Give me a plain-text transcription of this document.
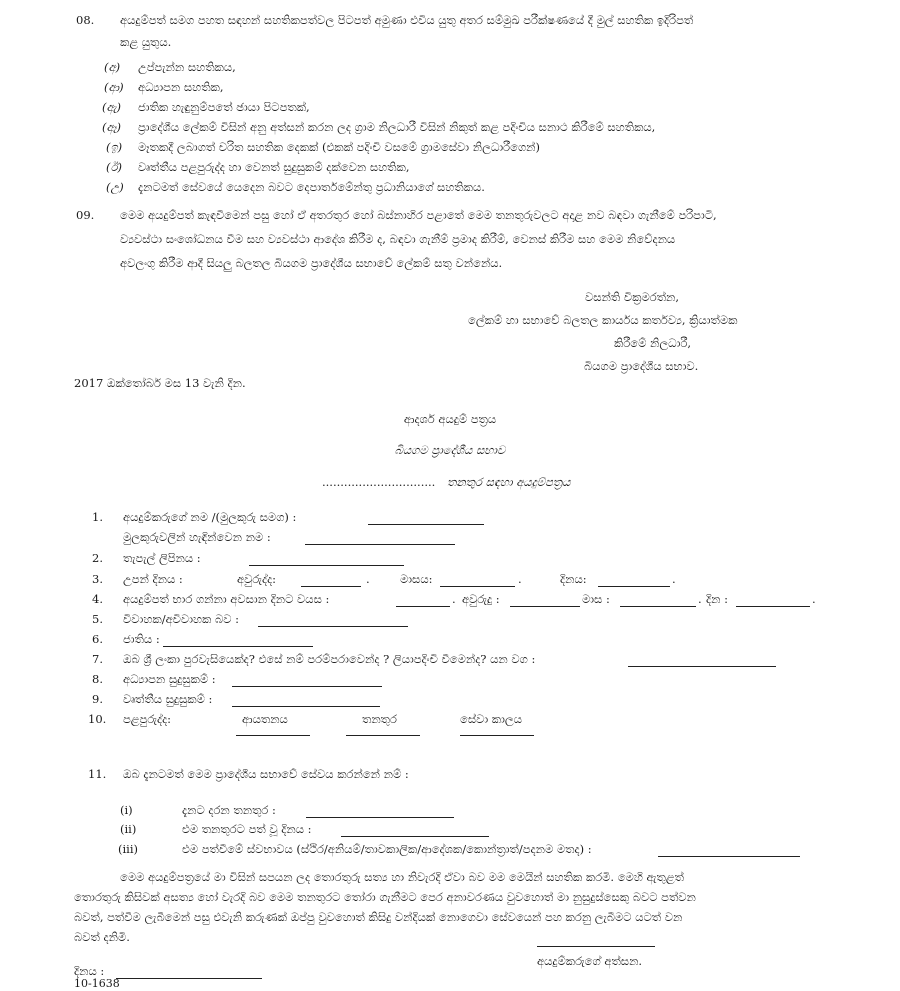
08. අයදුම්පත් සමග පහත සඳහන් සහතිකපත්වල පිටපත් අමුණා එවිය යුතු අතර සම්මුඛ පරීක්ෂණයේ දී මුල් සහතික ඉදිරිපත්
කළ යුතුය.
(අ) උප්පැන්න සහතිකය,
(ආ) අධ්‍යාපන සහතික,
(ඇ) ජාතික හැඳුනුම්පතේ ඡායා පිටපතක්,
(ඈ) ප්‍රාදේශීය ලේකම් විසින් අනු අත්සන් කරන ලද ග්‍රාම නිලධාරී විසින් නිකුත් කළ පදිංචිය සනාථ කිරීමේ සහතිකය,
(ඉ) මෑතකදී ලබාගත් චරිත සහතික දෙකක් (එකක් පදිංචි වසමේ ග්‍රාමසේවා නිලධාරීගෙන්)
(ඊ) වෘත්තීය පළපුරුද්ද හා වෙනත් සුදුසුකම් දක්වෙන සහතික,
(උ) දැනටමත් සේවයේ යෙදෙන බවට දෙපාර්තමේන්තු ප්‍රධානියාගේ සහතිකය.
09. මෙම අයදුම්පත් කැඳවීමෙන් පසු හෝ ඒ අතරතුර හෝ බස්නාහිර පළාතේ මෙම තනතුරුවලට අදාළ නව බඳවා ගැනීමේ පරිපාටි,
ව්‍යවස්ථා සංශෝධනය වීම සහ ව්‍යවස්ථා ආදේශ කිරීම ද, බඳවා ගැනීම් ප්‍රමාද කිරීම්, වෙනස් කිරීම සහ මෙම නිවේදනය
අවලංගු කිරීම ආදී සියලු බලතල බියගම ප්‍රාදේශීය සභාවේ ලේකම් සතු වන්නේය.
වසන්ති වික්‍රමරත්න,
ලේකම් හා සභාවේ බලතල කාර්යය කර්තව්‍ය, ක්‍රියාත්මක
කිරීමේ නිලධාරී,
බියගම ප්‍රාදේශීය සභාව.
2017 ඔක්තෝබර් මස 13 වැනි දින.
ආදර්ශ අයදුම් පත්‍රය
බියගම ප්‍රාදේශීය සභාව
............................... තනතුර සඳහා අයදුම්පත්‍රය
1. අයදුම්කරුගේ නම /(මුලකුරු සමග) :
මුලකුරුවලින් හැඳින්වෙන නම :
2. තැපැල් ලිපිනය :
3. උපන් දිනය :	අවුරුද්ද:	.	මාසය:	.	දිනය:	.
4. අයදුම්පත් භාර ගන්නා අවසාන දිනට වයස :	. අවුරුදු :	මාස :	. දින :	.
5. විවාහක/අවිවාහක බව :
6. ජාතිය :
7. ඔබ ශ්‍රී ලංකා පුරවැසියෙක්ද? එසේ නම් පරම්පරාවෙන්ද ? ලියාපදිංචි වීමෙන්ද? යන වග :
8. අධ්‍යාපන සුදුසුකම් :
9. වෘත්තීය සුදුසුකම් :
10. පළපුරුද්ද:	ආයතනය	තනතුර	සේවා කාලය
11. ඔබ දැනටමත් මෙම ප්‍රාදේශීය සභාවේ සේවය කරන්නේ නම් :
(i)	දැනට දරන තනතුර :
(ii)	එම තනතුරට පත් වූ දිනය :
(iii)	එම පත්වීමේ ස්වභාවය (ස්ථිර/අනියම්/තාවකාලික/ආදේශක/කොන්ත්‍රාත්/පදනම මතද) :
මෙම අයදුම්පත්‍රයේ මා විසින් සපයන ලද තොරතුරු සත්‍ය හා නිවැරදි ඒවා බව මම මෙයින් සහතික කරමි. මෙහි ඇතුළත්
තොරතුරු කිසිවක් අසත්‍ය හෝ වැරදි බව මෙම තනතුරට තෝරා ගැනීමට පෙර අනාවරණය වුවහොත් මා නුසුදුස්සෙකු බවට පත්වන
බවත්, පත්වීම ලැබීමෙන් පසු එවැනි කරුණක් ඔප්පු වුවහොත් කිසිදු වන්දියක් නොගෙවා සේවයෙන් පහ කරනු ලැබීමට යටත් වන
බවත් දනිමි.
අයදුම්කරුගේ අත්සන.
දිනය :
10-1638
